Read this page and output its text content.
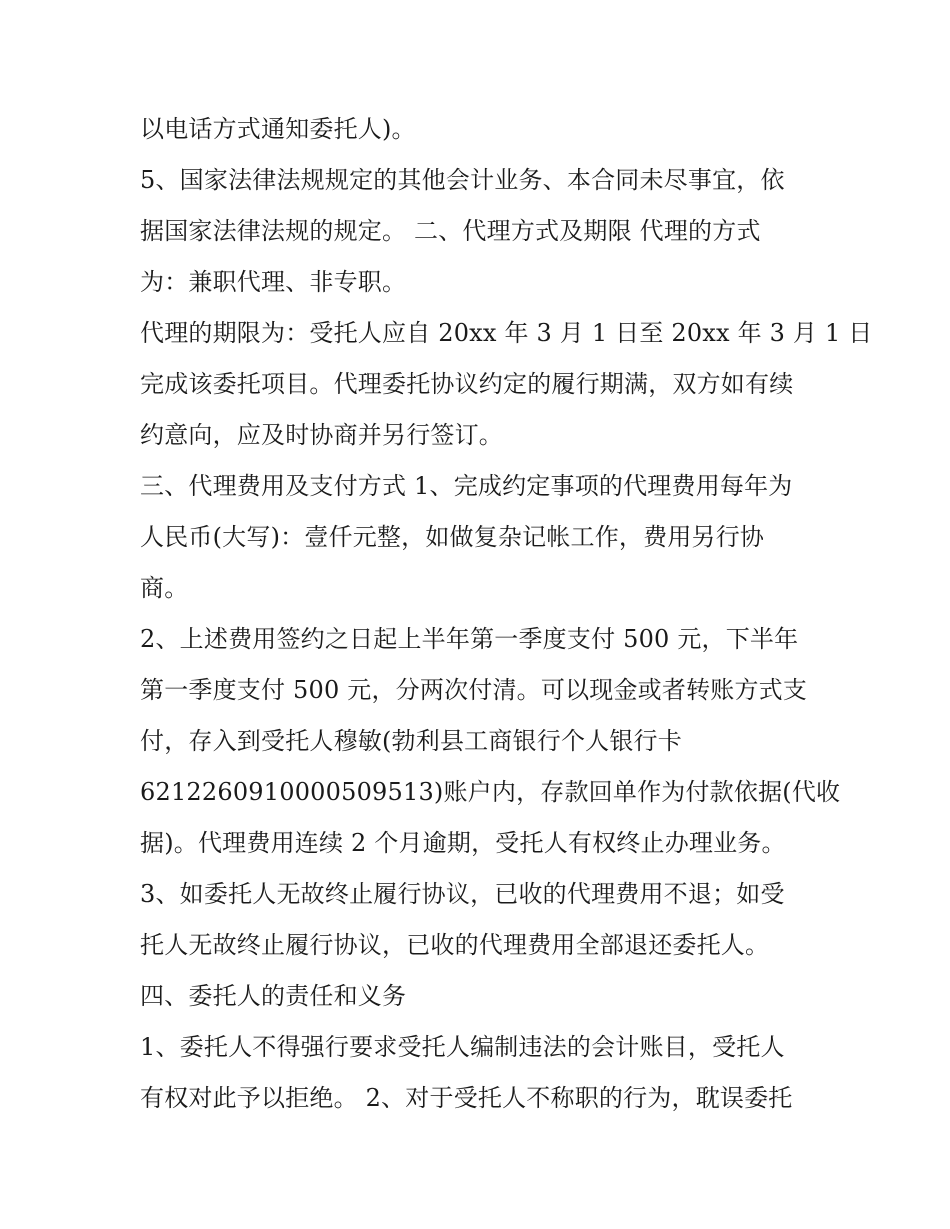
以电话方式通知委托人)。
5、国家法律法规规定的其他会计业务、本合同未尽事宜，依
据国家法律法规的规定。 二、代理方式及期限 代理的方式
为：兼职代理、非专职。
代理的期限为：受托人应自 20xx 年 3 月 1 日至 20xx 年 3 月 1 日
完成该委托项目。代理委托协议约定的履行期满，双方如有续
约意向，应及时协商并另行签订。
三、代理费用及支付方式 1、完成约定事项的代理费用每年为
人民币(大写)：壹仟元整，如做复杂记帐工作，费用另行协
商。
2、上述费用签约之日起上半年第一季度支付 500 元，下半年
第一季度支付 500 元，分两次付清。可以现金或者转账方式支
付，存入到受托人穆敏(勃利县工商银行个人银行卡
6212260910000509513)账户内，存款回单作为付款依据(代收
据)。代理费用连续 2 个月逾期，受托人有权终止办理业务。
3、如委托人无故终止履行协议，已收的代理费用不退；如受
托人无故终止履行协议，已收的代理费用全部退还委托人。
四、委托人的责任和义务
1、委托人不得强行要求受托人编制违法的会计账目，受托人
有权对此予以拒绝。 2、对于受托人不称职的行为，耽误委托
